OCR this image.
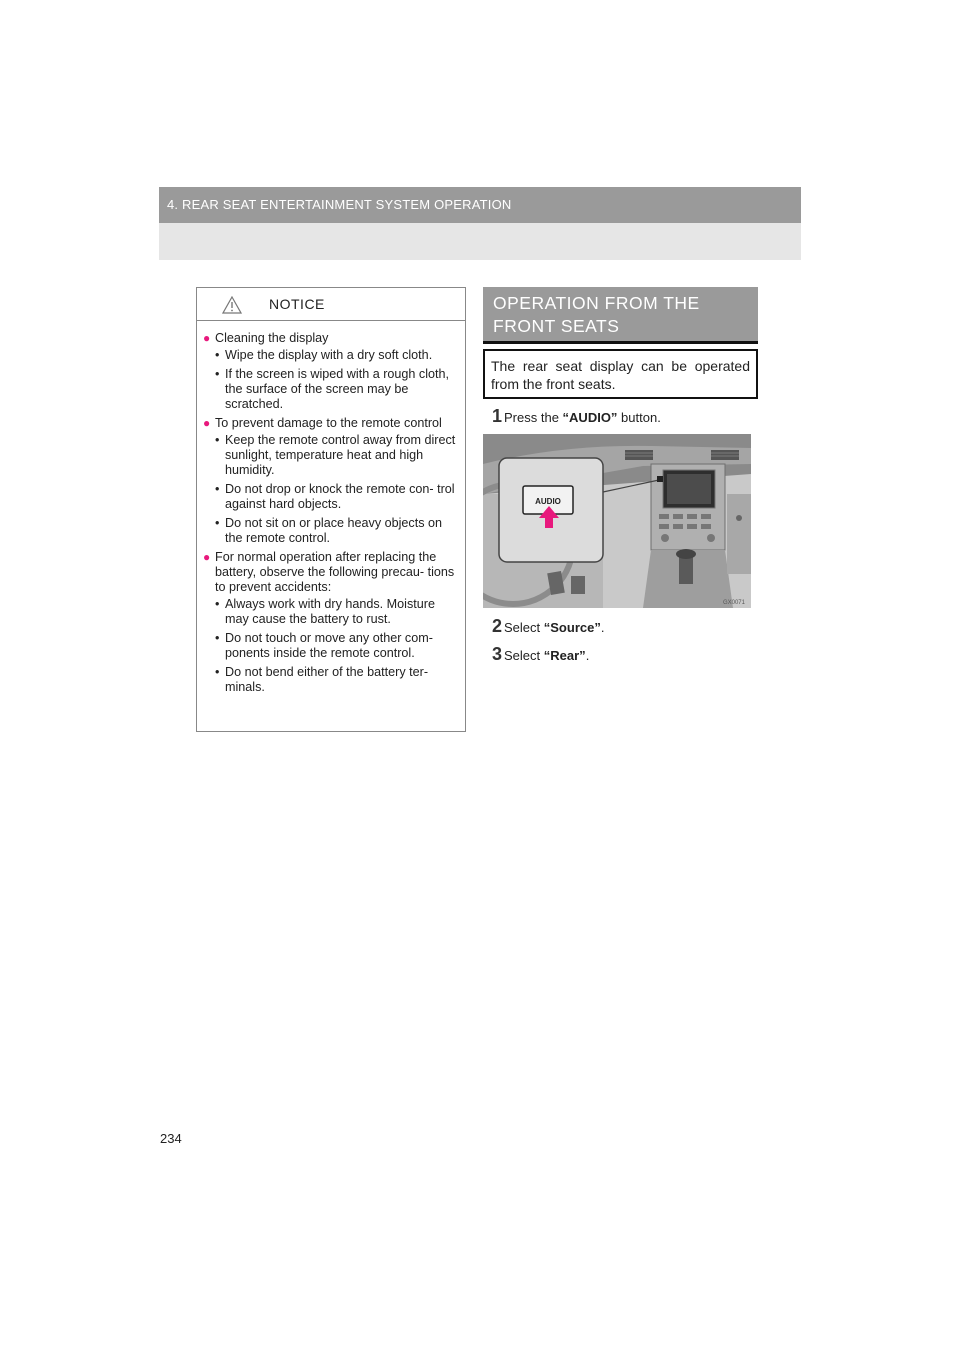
4. REAR SEAT ENTERTAINMENT SYSTEM OPERATION
NOTICE
● Cleaning the display
• Wipe the display with a dry soft cloth.
• If the screen is wiped with a rough cloth, the surface of the screen may be scratched.
● To prevent damage to the remote control
• Keep the remote control away from direct sunlight, temperature heat and high humidity.
• Do not drop or knock the remote con- trol against hard objects.
• Do not sit on or place heavy objects on the remote control.
● For normal operation after replacing the battery, observe the following precau- tions to prevent accidents:
• Always work with dry hands. Moisture may cause the battery to rust.
• Do not touch or move any other com- ponents inside the remote control.
• Do not bend either of the battery ter- minals.
OPERATION FROM THE FRONT SEATS
The rear seat display can be operated from the front seats.
1 Press the “AUDIO” button.
AUDIO
GX0071
2 Select “Source”.
3 Select “Rear”.
234
